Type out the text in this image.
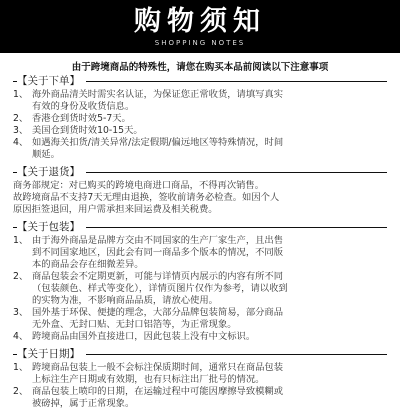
购物须知
SHOPPING NOTES
由于跨境商品的特殊性，请您在购买本品前阅读以下注意事项
【关于下单】
1、 海外商品清关时需实名认证，为保证您正常收货，请填写真实
有效的身份及收货信息。
2、 香港仓到货时效5-7天。
3、 美国仓到货时效10-15天。
4、 如遇海关扣货/清关异常/法定假期/偏远地区等特殊情况，时间
顺延。
【关于退货】
商务部规定：对已购买的跨境电商进口商品，不得再次销售。
故跨境商品不支持7天无理由退换，签收前请务必检查。如因个人
原因拒签退回，用户需承担来回运费及相关税费。
【关于包装】
1、 由于海外商品是品牌方交由不同国家的生产厂家生产，且出售
到不同国家地区，因此会有同一商品多个版本的情况，不同版
本的商品会存在细微差异。
2、 商品包装会不定期更新，可能与详情页内展示的内容有所不同
（包装颜色、样式等变化），详情页图片仅作为参考，请以收到
的实物为准，不影响商品品质，请放心使用。
3、 国外基于环保、便捷的理念，大部分品牌包装简易，部分商品
无外盒、无封口贴、无封口铝箔等，为正常现象。
4、 跨境商品由国外直接进口，因此包装上没有中文标识。
【关于日期】
1、 跨境商品包装上一般不会标注保质期时间，通常只在商品包装
上标注生产日期或有效期，也有只标注出厂批号的情况。
2、 商品包装上喷印的日期，在运输过程中可能因摩擦导致模糊或
被磅掉，属于正常现象。
